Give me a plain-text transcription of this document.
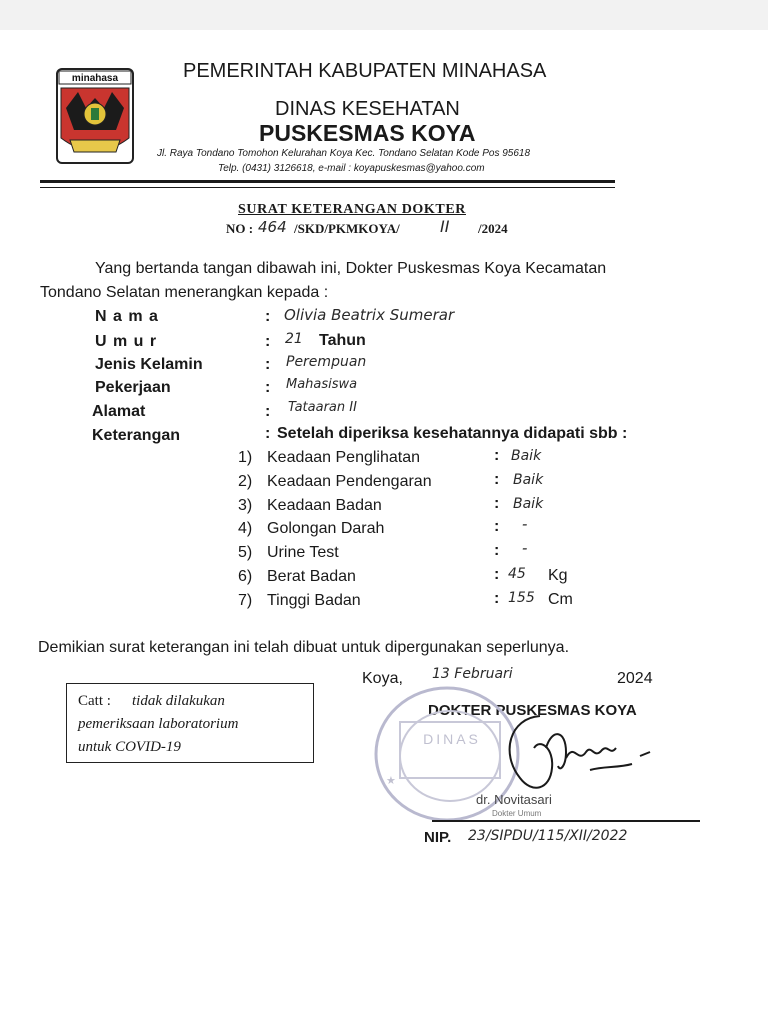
minahasa	PEMERINTAH KABUPATEN MINAHASA
DINAS KESEHATAN
PUSKESMAS KOYA
Jl. Raya Tondano Tomohon Kelurahan Koya Kec. Tondano Selatan Kode Pos 95618
Telp. (0431) 3126618, e-mail : koyapuskesmas@yahoo.com
SURAT KETERANGAN DOKTER
NO : 464 /SKD/PKMKOYA/	II /2024
Yang bertanda tangan dibawah ini, Dokter Puskesmas Koya Kecamatan
Tondano Selatan menerangkan kepada :
N a m a	: Olivia Beatrix Sumerar
U m u r	: 21 Tahun
Jenis Kelamin	: Perempuan
Pekerjaan	: Mahasiswa
Alamat	: Tataaran II
Keterangan	: Setelah diperiksa kesehatannya didapati sbb :
1) Keadaan Penglihatan	: Baik
2) Keadaan Pendengaran	: Baik
3) Keadaan Badan	: Baik
4) Golongan Darah	: -
5) Urine Test	: -
6) Berat Badan	: 45 Kg
7) Tinggi Badan	: 155 Cm
Demikian surat keterangan ini telah dibuat untuk dipergunakan seperlunya.
Catt : tidak dilakukan
pemeriksaan laboratorium
untuk COVID-19
Koya, 13 Februari	2024
DOKTER PUSKESMAS KOYA
DINAS
★
dr. Novitasari
Dokter Umum
NIP. 23/SIPDU/115/XII/2022
